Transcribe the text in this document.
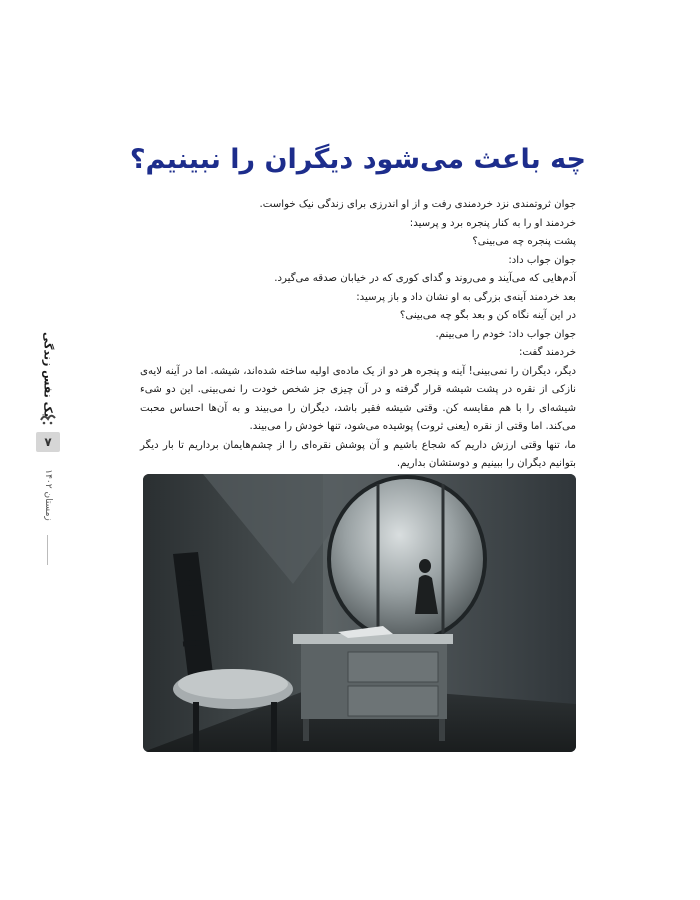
یک نفس زندگی
۷
زمستان ۱۴۰۲
چه باعث می‌شود دیگران را نبینیم؟

جوان ثروتمندی نزد خردمندی رفت و از او اندرزی برای زندگی نیک خواست.

خردمند او را به کنار پنجره برد و پرسید:

پشت پنجره چه می‌بینی؟

جوان جواب داد:

آدم‌هایی که می‌آیند و می‌روند و گدای کوری که در خیابان صدقه می‌گیرد.

بعد خردمند آینه‌ی بزرگی به او نشان داد و باز پرسید:

در این آینه نگاه کن و بعد بگو چه می‌بینی؟

جوان جواب داد: خودم را می‌بینم.

خردمند گفت:

دیگر، دیگران را نمی‌بینی! آینه و پنجره هر دو از یک ماده‌ی اولیه ساخته شده‌اند، شیشه. اما در آینه لایه‌ی نازکی از نقره در پشت شیشه قرار گرفته و در آن چیزی جز شخص خودت را نمی‌بینی. این دو شیء شیشه‌ای را با هم مقایسه کن. وقتی شیشه فقیر باشد، دیگران را می‌بیند و به آن‌ها احساس محبت می‌کند. اما وقتی از نقره (یعنی ثروت) پوشیده می‌شود، تنها خودش را می‌بیند.

ما، تنها وقتی ارزش داریم که شجاع باشیم و آن پوشش نقره‌ای را از چشم‌هایمان برداریم تا بار دیگر بتوانیم دیگران را ببینیم و دوستشان بداریم.
